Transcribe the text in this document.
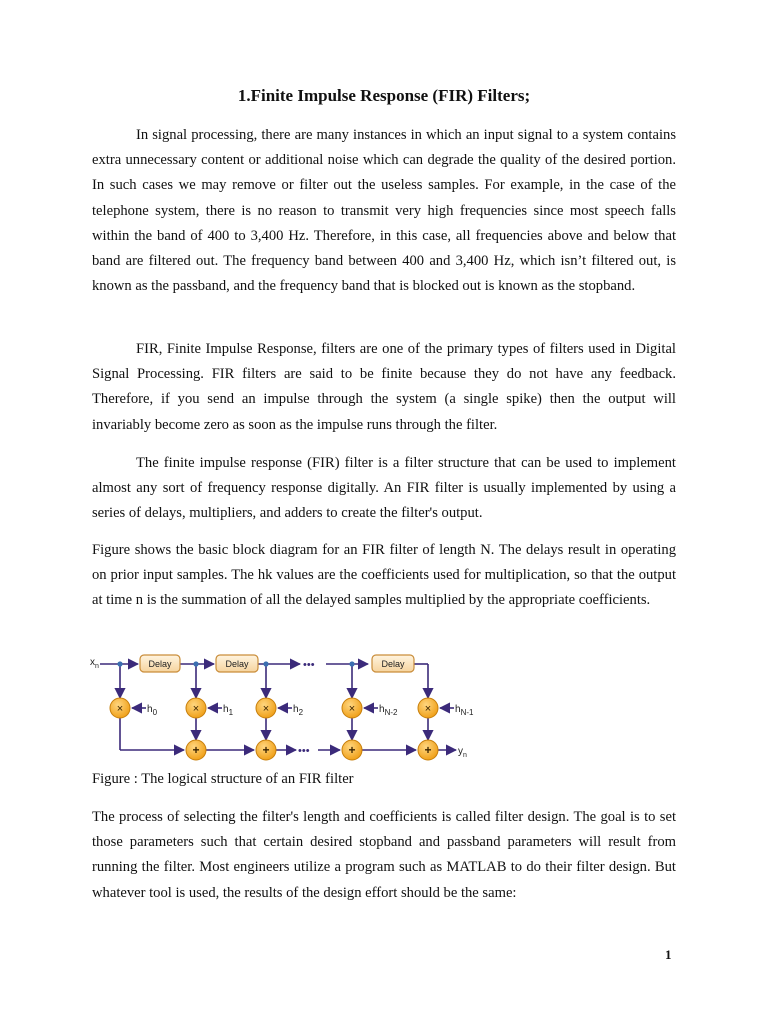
1.Finite Impulse Response (FIR) Filters;

In signal processing, there are many instances in which an input signal to a system contains extra unnecessary content or additional noise which can degrade the quality of the desired portion. In such cases we may remove or filter out the useless samples. For example, in the case of the telephone system, there is no reason to transmit very high frequencies since most speech falls within the band of 400 to 3,400 Hz. Therefore, in this case, all frequencies above and below that band are filtered out. The frequency band between 400 and 3,400 Hz, which isn’t filtered out, is known as the passband, and the frequency band that is blocked out is known as the stopband.

FIR, Finite Impulse Response, filters are one of the primary types of filters used in Digital Signal Processing. FIR filters are said to be finite because they do not have any feedback. Therefore, if you send an impulse through the system (a single spike) then the output will invariably become zero as soon as the impulse runs through the filter.

The finite impulse response (FIR) filter is a filter structure that can be used to implement almost any sort of frequency response digitally. An FIR filter is usually implemented by using a series of delays, multipliers, and adders to create the filter's output.

Figure shows the basic block diagram for an FIR filter of length N. The delays result in operating on prior input samples. The hk values are the coefficients used for multiplication, so that the output at time n is the summation of all the delayed samples multiplied by the appropriate coefficients.

•••
•••
Delay	Delay	Delay
×	×	×	×	×
+	+	+	+
$x_n$
$y_n$
$h_0$	$h_1$	$h_2$	$h_{N-2}$	$h_{N-1}$
Figure : The logical structure of an FIR filter

The process of selecting the filter's length and coefficients is called filter design. The goal is to set those parameters such that certain desired stopband and passband parameters will result from running the filter. Most engineers utilize a program such as MATLAB to do their filter design. But whatever tool is used, the results of the design effort should be the same:

1
